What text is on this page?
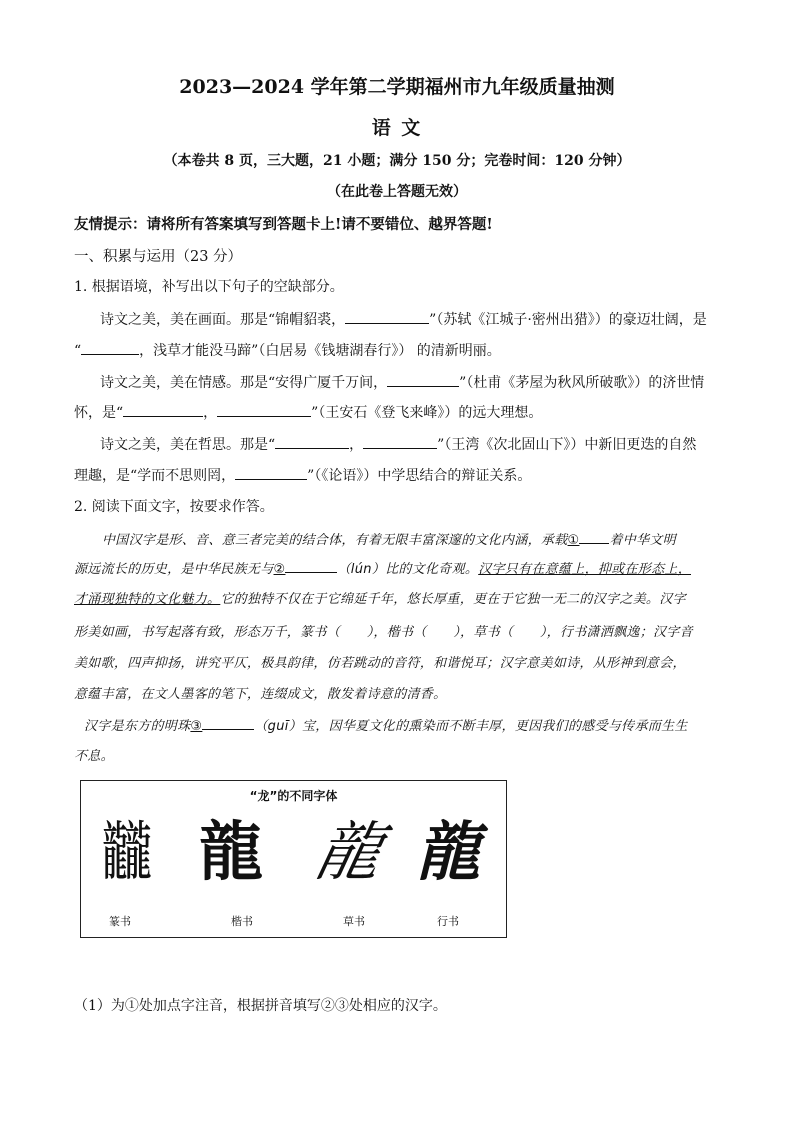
2023—2024 学年第二学期福州市九年级质量抽测
语 文
（本卷共 8 页，三大题，21 小题；满分 150 分；完卷时间：120 分钟）
（在此卷上答题无效）
友情提示：请将所有答案填写到答题卡上!请不要错位、越界答题!
一、积累与运用（23 分）
1. 根据语境，补写出以下句子的空缺部分。
诗文之美，美在画面。那是“锦帽貂裘，	”（苏轼《江城子·密州出猎》）的豪迈壮阔，是
“	，浅草才能没马蹄”（白居易《钱塘湖春行》） 的清新明丽。
诗文之美，美在情感。那是“安得广厦千万间，	”（杜甫《茅屋为秋风所破歌》）的济世情
怀，是“	，	”（王安石《登飞来峰》）的远大理想。
诗文之美，美在哲思。那是“	，	”（王湾《次北固山下》）中新旧更迭的自然
理趣，是“学而不思则罔，	”（《论语》）中学思结合的辩证关系。
2. 阅读下面文字，按要求作答。
中国汉字是形、音、意三者完美的结合体，有着无限丰富深邃的文化内涵，承载① 着中华文明
源远流长的历史，是中华民族无与②	（lún）比的文化奇观。汉字只有在意蕴上，抑或在形态上，
才涌现独特的文化魅力。它的独特不仅在于它绵延千年，悠长厚重，更在于它独一无二的汉字之美。汉字
形美如画，书写起落有致，形态万千，篆书（　　），楷书（　　），草书（　　），行书潇洒飘逸；汉字音
美如歌，四声抑扬，讲究平仄，极具韵律，仿若跳动的音符，和谐悦耳；汉字意美如诗，从形神到意会，
意蕴丰富，在文人墨客的笔下，连缀成文，散发着诗意的清香。
汉字是东方的明珠③	（guī）宝，因华夏文化的熏染而不断丰厚，更因我们的感受与传承而生生
不息。
“龙”的不同字体
龖 龍 龍 龍
篆书	楷书	草书	行书
（1）为①处加点字注音，根据拼音填写②③处相应的汉字。
